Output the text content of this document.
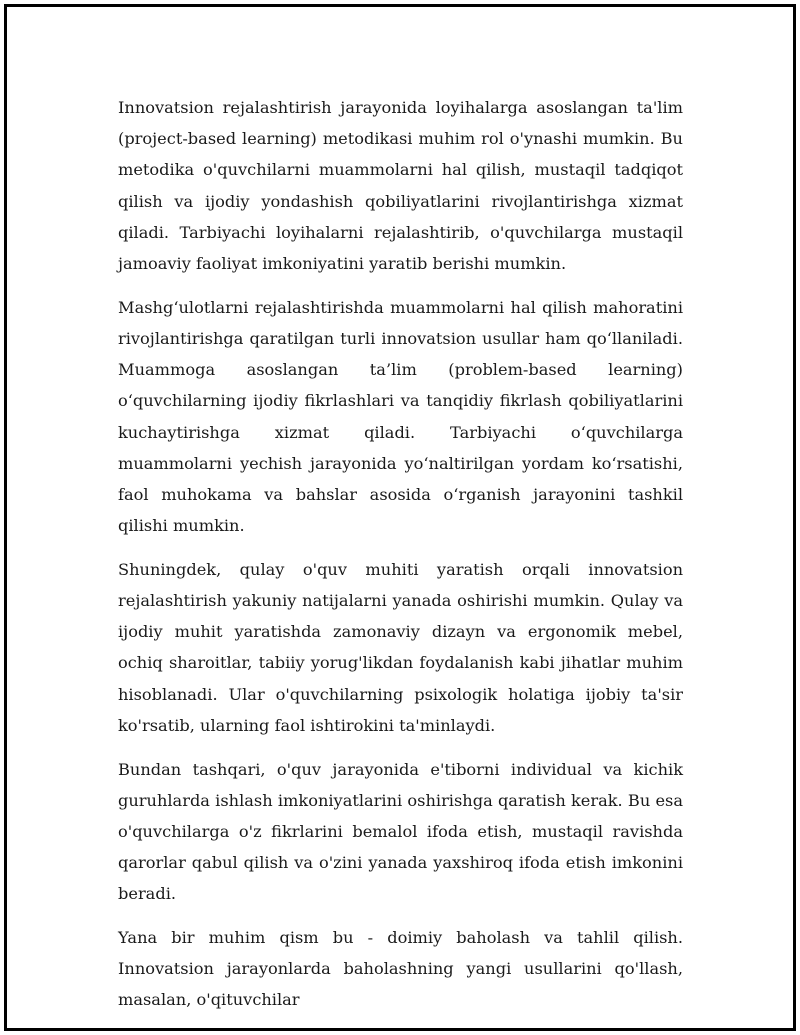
Innovatsion rejalashtirish jarayonida loyihalarga asoslangan ta'lim (project-based learning) metodikasi muhim rol o'ynashi mumkin. Bu metodika o'quvchilarni muammolarni hal qilish, mustaqil tadqiqot qilish va ijodiy yondashish qobiliyatlarini rivojlantirishga xizmat qiladi. Tarbiyachi loyihalarni rejalashtirib, o'quvchilarga mustaqil jamoaviy faoliyat imkoniyatini yaratib berishi mumkin.

Mashg‘ulotlarni rejalashtirishda muammolarni hal qilish mahoratini rivojlantirishga qaratilgan turli innovatsion usullar ham qo‘llaniladi. Muammoga asoslangan ta’lim (problem-based learning) o‘quvchilarning ijodiy fikrlashlari va tanqidiy fikrlash qobiliyatlarini kuchaytirishga xizmat qiladi. Tarbiyachi o‘quvchilarga muammolarni yechish jarayonida yo‘naltirilgan yordam ko‘rsatishi, faol muhokama va bahslar asosida o‘rganish jarayonini tashkil qilishi mumkin.

Shuningdek, qulay o'quv muhiti yaratish orqali innovatsion rejalashtirish yakuniy natijalarni yanada oshirishi mumkin. Qulay va ijodiy muhit yaratishda zamonaviy dizayn va ergonomik mebel, ochiq sharoitlar, tabiiy yorug'likdan foydalanish kabi jihatlar muhim hisoblanadi. Ular o'quvchilarning psixologik holatiga ijobiy ta'sir ko'rsatib, ularning faol ishtirokini ta'minlaydi.

Bundan tashqari, o'quv jarayonida e'tiborni individual va kichik guruhlarda ishlash imkoniyatlarini oshirishga qaratish kerak. Bu esa o'quvchilarga o'z fikrlarini bemalol ifoda etish, mustaqil ravishda qarorlar qabul qilish va o'zini yanada yaxshiroq ifoda etish imkonini beradi.

Yana bir muhim qism bu - doimiy baholash va tahlil qilish. Innovatsion jarayonlarda baholashning yangi usullarini qo'llash, masalan, o'qituvchilar
